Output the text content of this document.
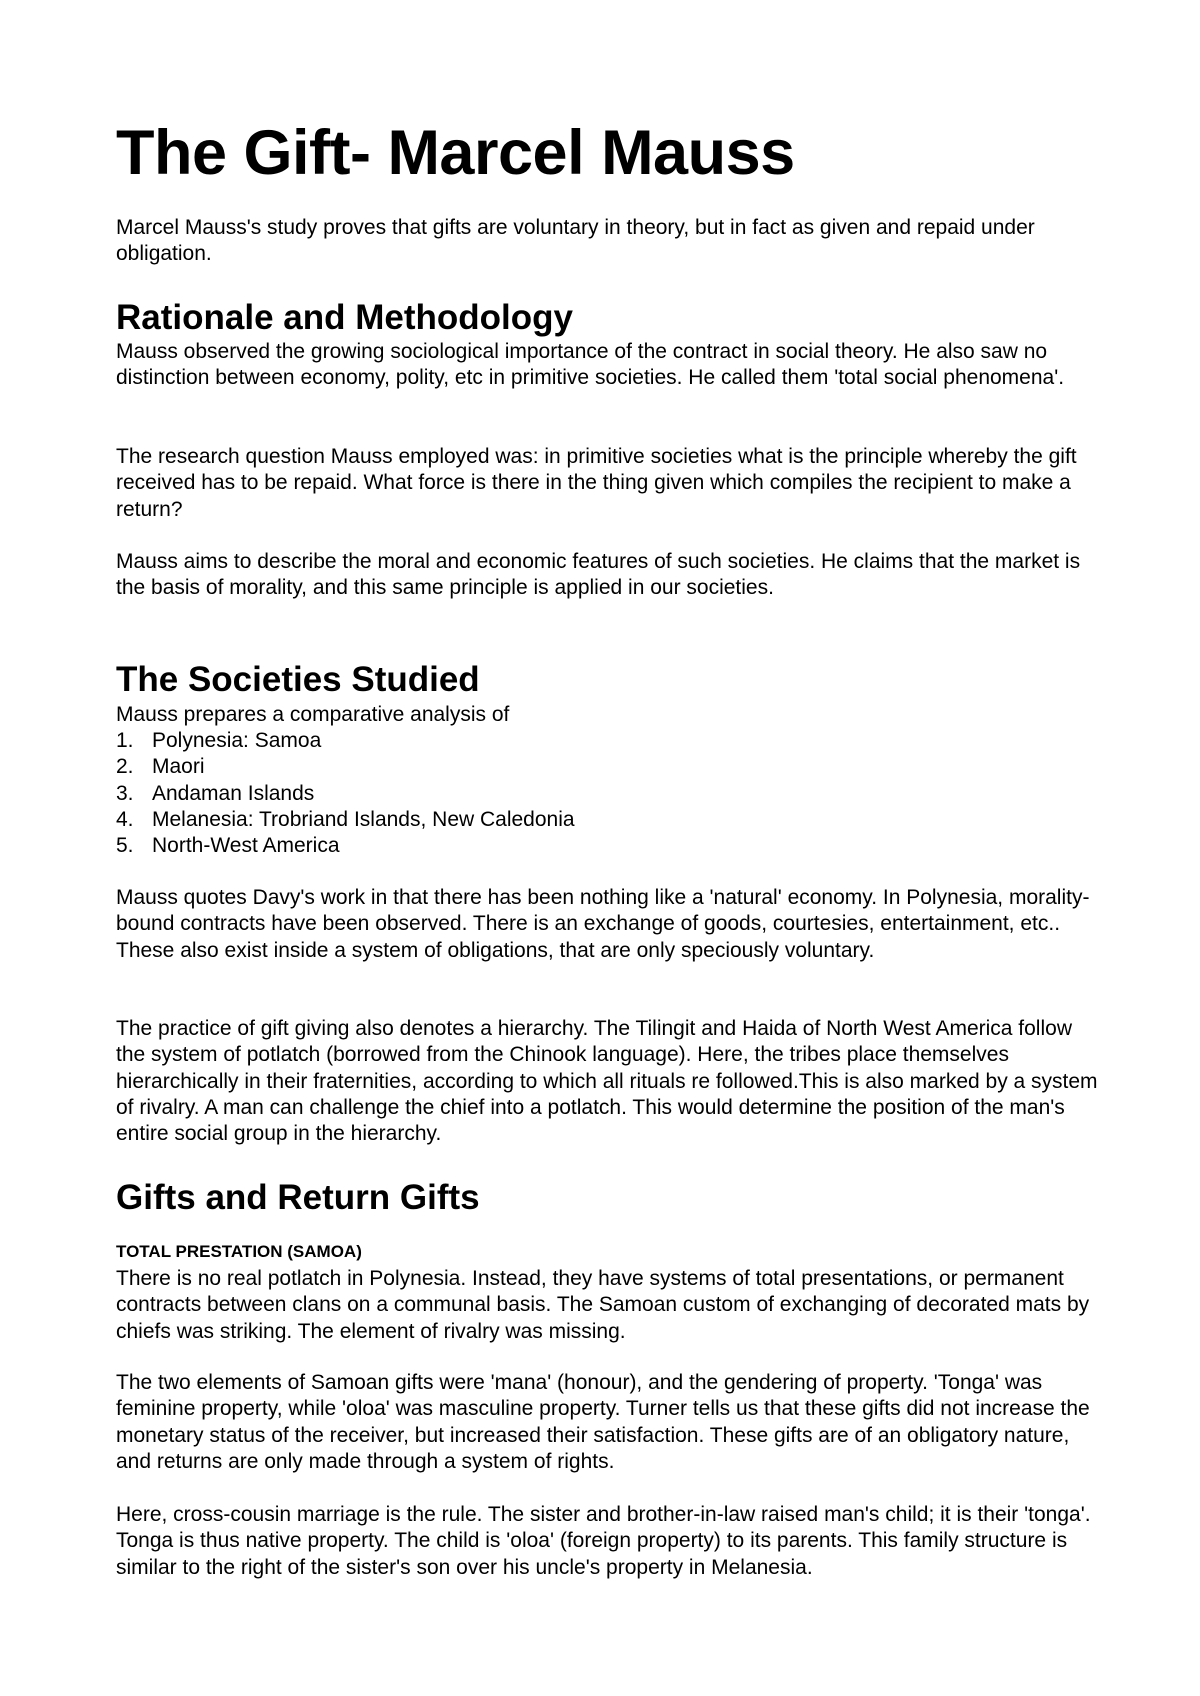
The Gift- Marcel Mauss

Marcel Mauss's study proves that gifts are voluntary in theory, but in fact as given and repaid under obligation.

Rationale and Methodology

Mauss observed the growing sociological importance of the contract in social theory. He also saw no distinction between economy, polity, etc in primitive societies. He called them 'total social phenomena'.

The research question Mauss employed was: in primitive societies what is the principle whereby the gift received has to be repaid. What force is there in the thing given which compiles the recipient to make a return?

Mauss aims to describe the moral and economic features of such societies. He claims that the market is the basis of morality, and this same principle is applied in our societies.

The Societies Studied

Mauss prepares a comparative analysis of

1. Polynesia: Samoa
2. Maori
3. Andaman Islands
4. Melanesia: Trobriand Islands, New Caledonia
5. North-West America

Mauss quotes Davy's work in that there has been nothing like a 'natural' economy. In Polynesia, morality-bound contracts have been observed. There is an exchange of goods, courtesies, entertainment, etc.. These also exist inside a system of obligations, that are only speciously voluntary.

The practice of gift giving also denotes a hierarchy. The Tilingit and Haida of North West America follow the system of potlatch (borrowed from the Chinook language). Here, the tribes place themselves hierarchically in their fraternities, according to which all rituals re followed.This is also marked by a system of rivalry. A man can challenge the chief into a potlatch. This would determine the position of the man's entire social group in the hierarchy.

Gifts and Return Gifts

TOTAL PRESTATION (SAMOA)

There is no real potlatch in Polynesia. Instead, they have systems of total presentations, or permanent contracts between clans on a communal basis. The Samoan custom of exchanging of decorated mats by chiefs was striking. The element of rivalry was missing.

The two elements of Samoan gifts were 'mana' (honour), and the gendering of property. 'Tonga' was feminine property, while 'oloa' was masculine property. Turner tells us that these gifts did not increase the monetary status of the receiver, but increased their satisfaction. These gifts are of an obligatory nature, and returns are only made through a system of rights.

Here, cross-cousin marriage is the rule. The sister and brother-in-law raised man's child; it is their 'tonga'. Tonga is thus native property. The child is 'oloa' (foreign property) to its parents. This family structure is similar to the right of the sister's son over his uncle's property in Melanesia.
